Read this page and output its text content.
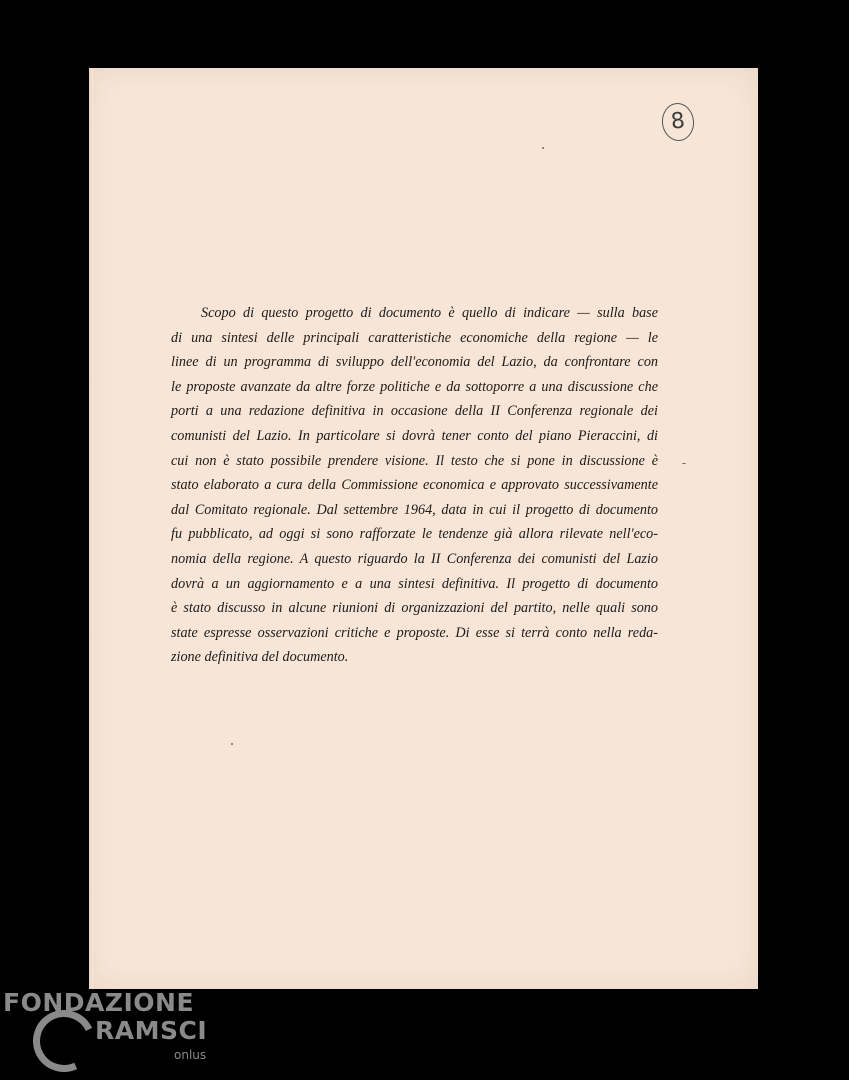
8

Scopo di questo progetto di documento è quello di indicare — sulla base
di una sintesi delle principali caratteristiche economiche della regione — le
linee di un programma di sviluppo dell'economia del Lazio, da confrontare con
le proposte avanzate da altre forze politiche e da sottoporre a una discussione che
porti a una redazione definitiva in occasione della II Conferenza regionale dei
comunisti del Lazio. In particolare si dovrà tener conto del piano Pieraccini, di
cui non è stato possibile prendere visione. Il testo che si pone in discussione è
stato elaborato a cura della Commissione economica e approvato successivamente
dal Comitato regionale. Dal settembre 1964, data in cui il progetto di documento
fu pubblicato, ad oggi si sono rafforzate le tendenze già allora rilevate nell'eco-
nomia della regione. A questo riguardo la II Conferenza dei comunisti del Lazio
dovrà a un aggiornamento e a una sintesi definitiva. Il progetto di documento
è stato discusso in alcune riunioni di organizzazioni del partito, nelle quali sono
state espresse osservazioni critiche e proposte. Di esse si terrà conto nella reda-
zione definitiva del documento.

FONDAZIONE
RAMSCI
onlus
